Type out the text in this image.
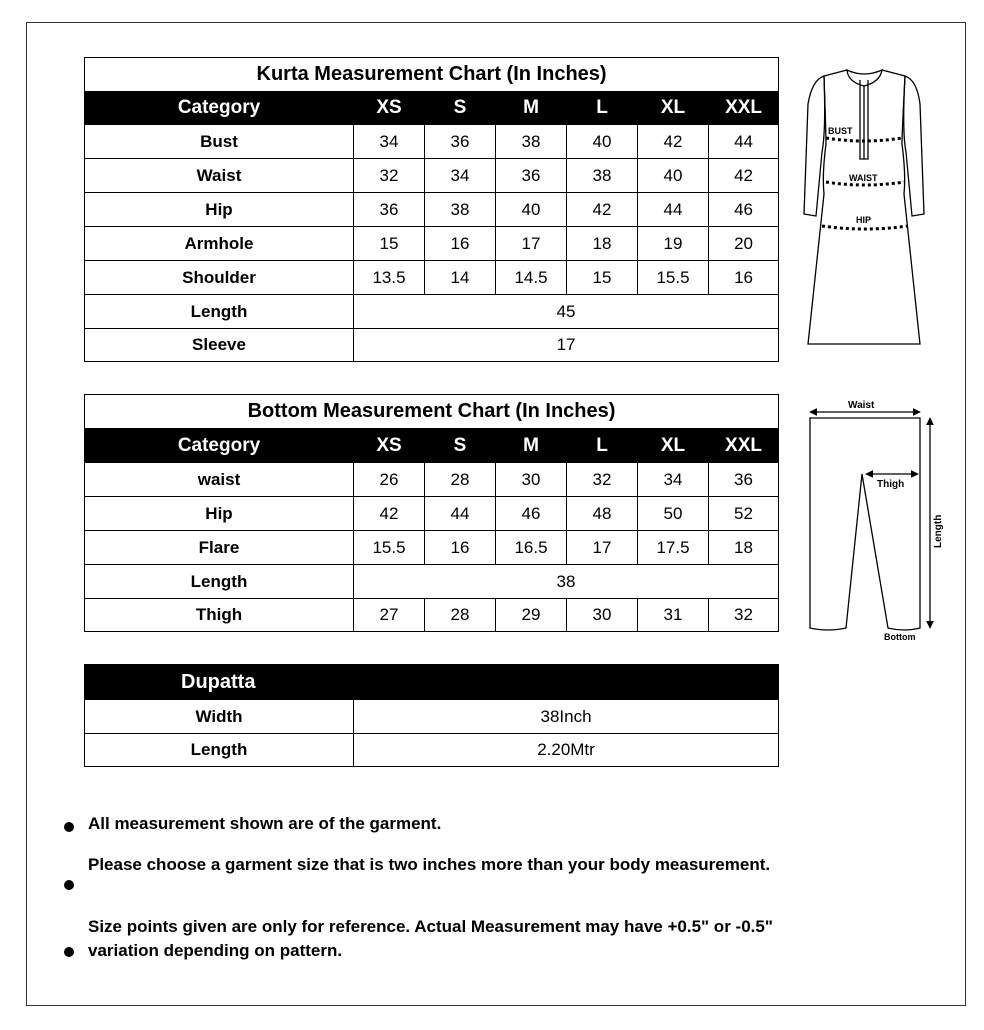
Kurta Measurement Chart (In Inches)						
Category	XS	S	M	L	XL	XXL
Bust	34	36	38	40	42	44
Waist	32	34	36	38	40	42
Hip	36	38	40	42	44	46
Armhole	15	16	17	18	19	20
Shoulder	13.5	14	14.5	15	15.5	16
Length	45					
Sleeve	17					
Bottom Measurement Chart (In Inches)						
Category	XS	S	M	L	XL	XXL
waist	26	28	30	32	34	36
Hip	42	44	46	48	50	52
Flare	15.5	16	16.5	17	17.5	18
Length	38					
Thigh	27	28	29	30	31	32
Dupatta	
Width	38Inch
Length	2.20Mtr
BUST
WAIST
HIP
Waist
Thigh
Length
Bottom
All measurement shown are of the garment.
Please choose a garment size that is two inches more than your body measurement.
Size points given are only for reference. Actual Measurement may have +0.5" or -0.5" variation depending on pattern.
